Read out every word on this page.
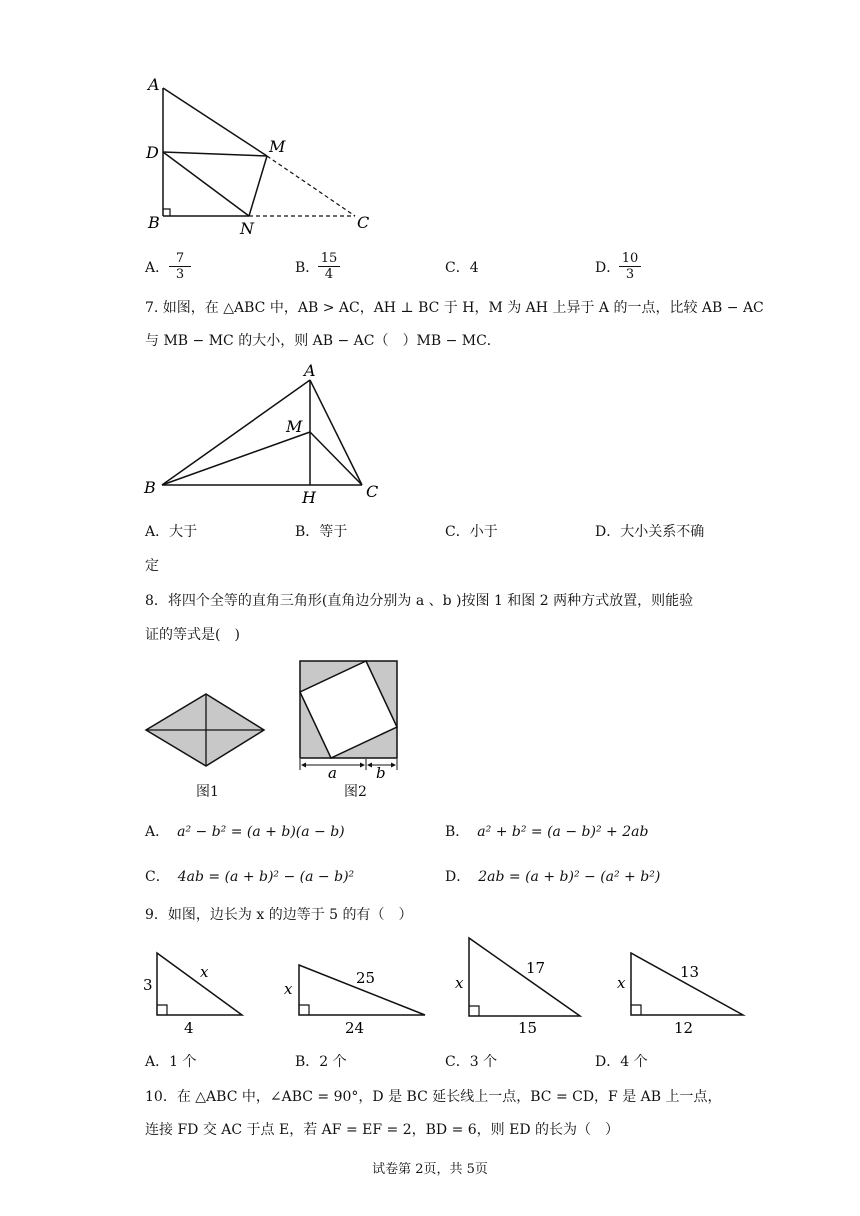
A
D
B	N
M
C
A． $\frac{7}{3}$	B．
$\frac{15}{4}$	C．4	D．
$\frac{10}{3}$
7. 如图，在 △ABC 中，AB > AC，AH ⊥ BC 于 H，M 为 AH 上异于 A 的一点，比较 AB − AC
与 MB − MC 的大小，则 AB − AC（　）MB − MC．
A
M
B
H	C
A．大于	B．等于	C．小于	D．大小关系不确
定
8．将四个全等的直角三角形(直角边分别为 a 、b )按图 1 和图 2 两种方式放置，则能验
证的等式是(　)
图1
a	b
图2
A． a² − b² = (a + b)(a − b)	B． a² + b² = (a − b)² + 2ab
C． 4ab = (a + b)² − (a − b)²	D． 2ab = (a + b)² − (a² + b²)
9．如图，边长为 x 的边等于 5 的有（　）
3
x
4
x
25
24
x
17
15
x
13
12
A．1 个	B．2 个	C．3 个	D．4 个
10．在 △ABC 中，∠ABC = 90°，D 是 BC 延长线上一点，BC = CD，F 是 AB 上一点，
连接 FD 交 AC 于点 E，若 AF = EF = 2，BD = 6，则 ED 的长为（　）
试卷第 2页，共 5页
